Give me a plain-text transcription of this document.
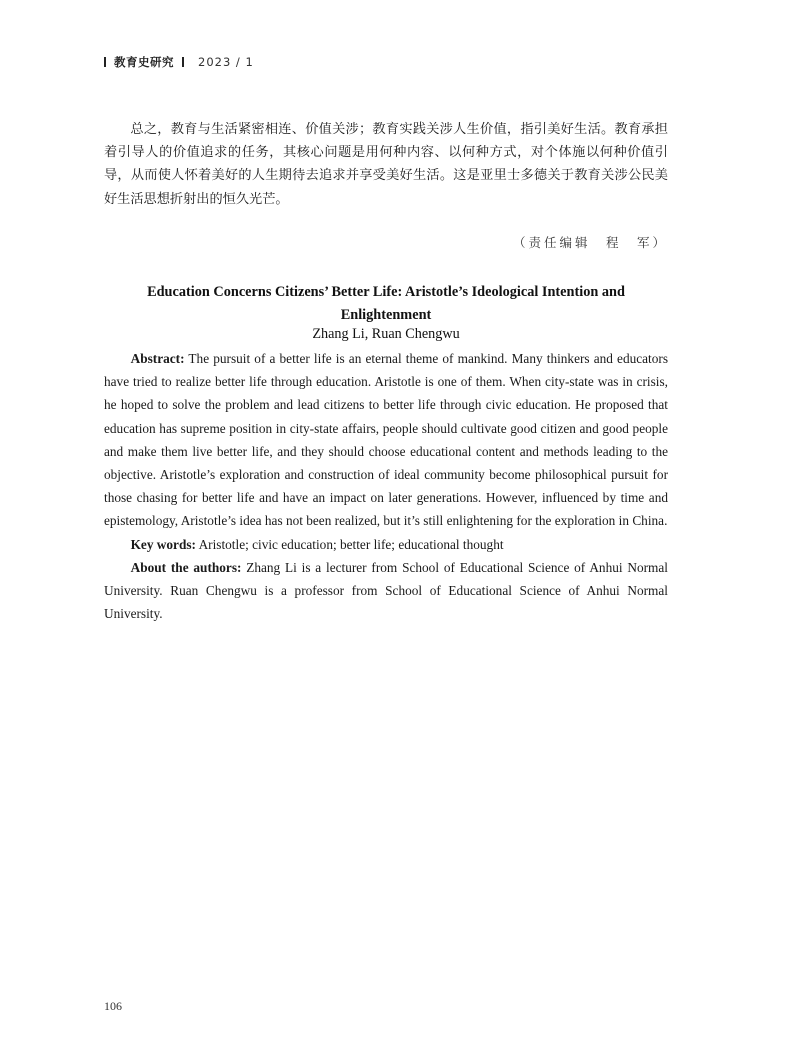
教育史研究 2023 / 1

总之，教育与生活紧密相连、价值关涉；教育实践关涉人生价值，指引美好生活。教育承担着引导人的价值追求的任务，其核心问题是用何种内容、以何种方式，对个体施以何种价值引导，从而使人怀着美好的人生期待去追求并享受美好生活。这是亚里士多德关于教育关涉公民美好生活思想折射出的恒久光芒。

（责任编辑　程　军）
Education Concerns Citizens’ Better Life: Aristotle’s Ideological Intention and Enlightenment
Zhang Li, Ruan Chengwu

Abstract: The pursuit of a better life is an eternal theme of mankind. Many thinkers and educators have tried to realize better life through education. Aristotle is one of them. When city-state was in crisis, he hoped to solve the problem and lead citizens to better life through civic education. He proposed that education has supreme position in city-state affairs, people should cultivate good citizen and good people and make them live better life, and they should choose educational content and methods leading to the objective. Aristotle’s exploration and construction of ideal community become philosophical pursuit for those chasing for better life and have an impact on later generations. However, influenced by time and epistemology, Aristotle’s idea has not been realized, but it’s still enlightening for the exploration in China.

Key words: Aristotle; civic education; better life; educational thought

About the authors: Zhang Li is a lecturer from School of Educational Science of Anhui Normal University. Ruan Chengwu is a professor from School of Educational Science of Anhui Normal University.

106
